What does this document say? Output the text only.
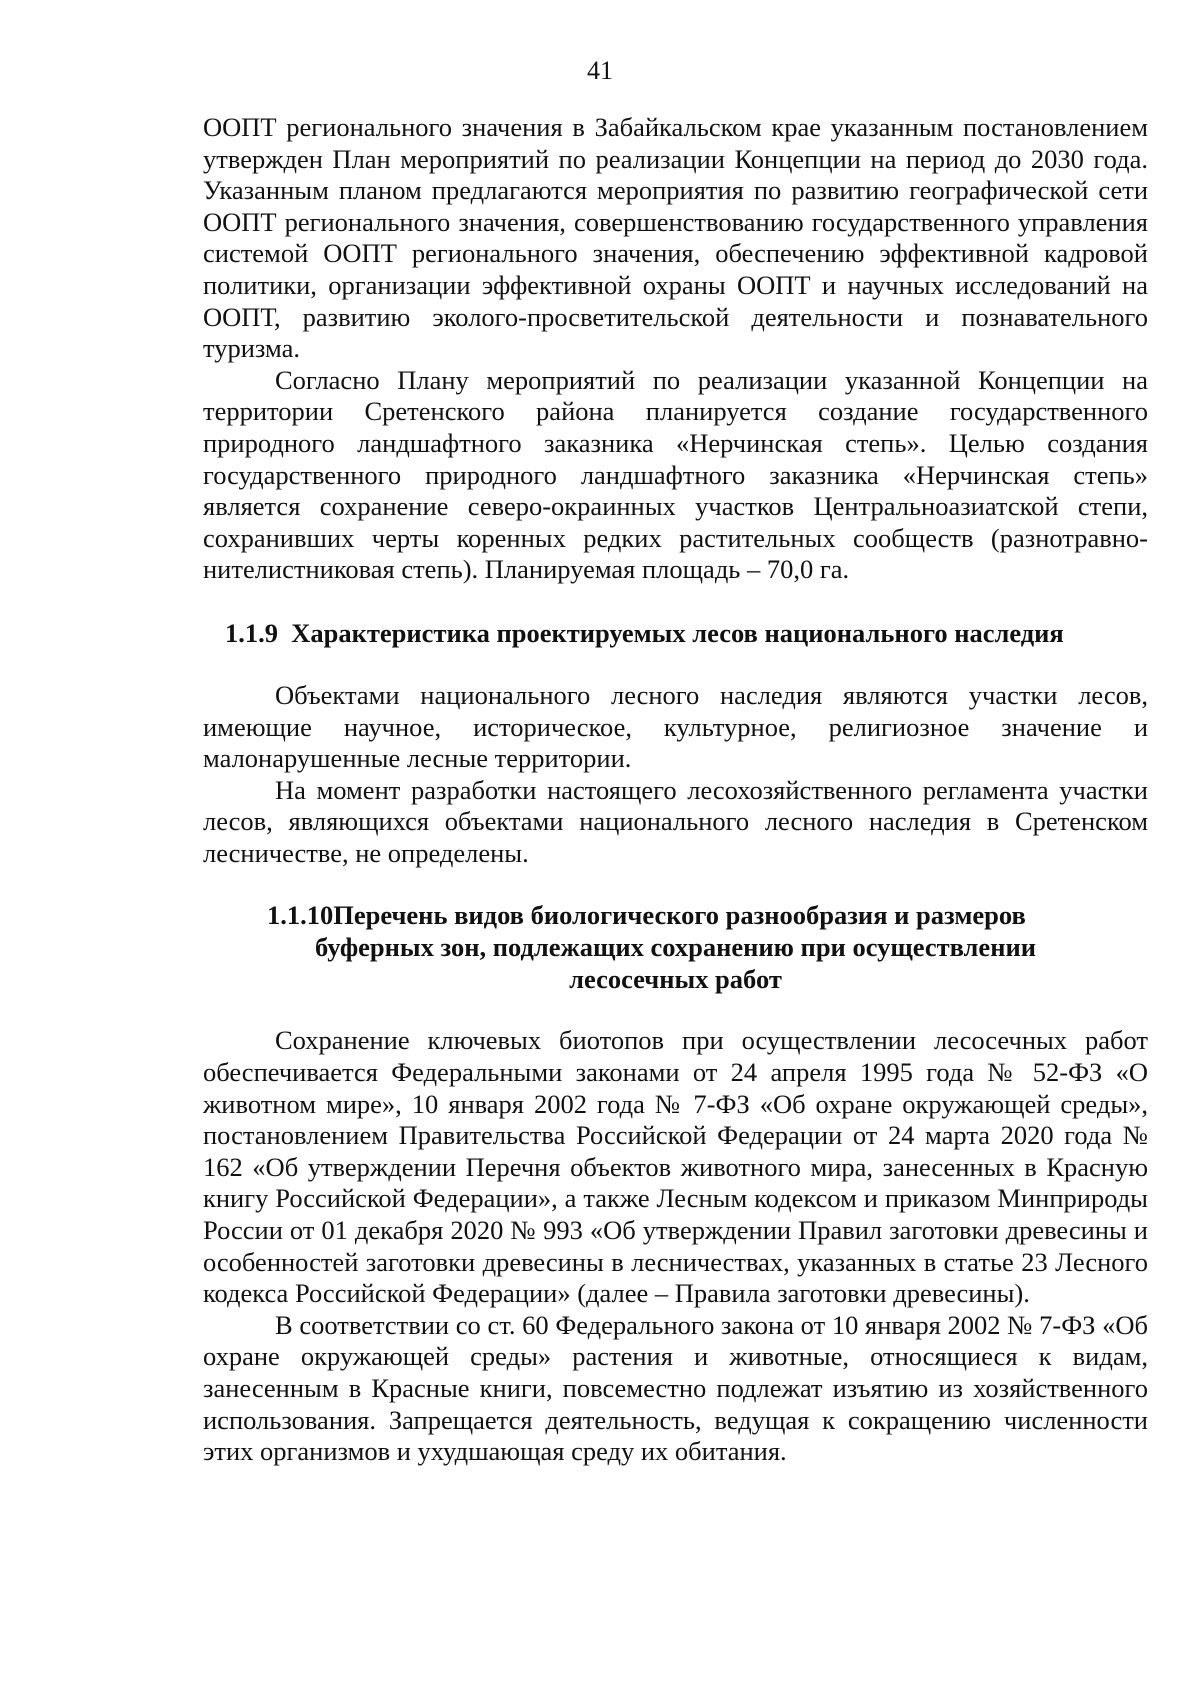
41

ООПТ регионального значения в Забайкальском крае указанным постановлением утвержден План мероприятий по реализации Концепции на период до 2030 года. Указанным планом предлагаются мероприятия по развитию географической сети ООПТ регионального значения, совершенствованию государственного управления системой ООПТ регионального значения, обеспечению эффективной кадровой политики, организации эффективной охраны ООПТ и научных исследований на ООПТ, развитию эколого-просветительской деятельности и познавательного туризма.

Согласно Плану мероприятий по реализации указанной Концепции на территории Сретенского района планируется создание государственного природного ландшафтного заказника «Нерчинская степь». Целью создания государственного природного ландшафтного заказника «Нерчинская степь» является сохранение северо-окраинных участков Центральноазиатской степи, сохранивших черты коренных редких растительных сообществ (разнотравно-нителистниковая степь). Планируемая площадь – 70,0 га.

1.1.9 Характеристика проектируемых лесов национального наследия

Объектами национального лесного наследия являются участки лесов, имеющие научное, историческое, культурное, религиозное значение и малонарушенные лесные территории.

На момент разработки настоящего лесохозяйственного регламента участки лесов, являющихся объектами национального лесного наследия в Сретенском лесничестве, не определены.

1.1.10Перечень видов биологического разнообразия и размеров
буферных зон, подлежащих сохранению при осуществлении
лесосечных работ

Сохранение ключевых биотопов при осуществлении лесосечных работ обеспечивается Федеральными законами от 24 апреля 1995 года № 52-ФЗ «О животном мире», 10 января 2002 года № 7-ФЗ «Об охране окружающей среды», постановлением Правительства Российской Федерации от 24 марта 2020 года № 162 «Об утверждении Перечня объектов животного мира, занесенных в Красную книгу Российской Федерации», а также Лесным кодексом и приказом Минприроды России от 01 декабря 2020 № 993 «Об утверждении Правил заготовки древесины и особенностей заготовки древесины в лесничествах, указанных в статье 23 Лесного кодекса Российской Федерации» (далее – Правила заготовки древесины).

В соответствии со ст. 60 Федерального закона от 10 января 2002 № 7-ФЗ «Об охране окружающей среды» растения и животные, относящиеся к видам, занесенным в Красные книги, повсеместно подлежат изъятию из хозяйственного использования. Запрещается деятельность, ведущая к сокращению численности этих организмов и ухудшающая среду их обитания.
